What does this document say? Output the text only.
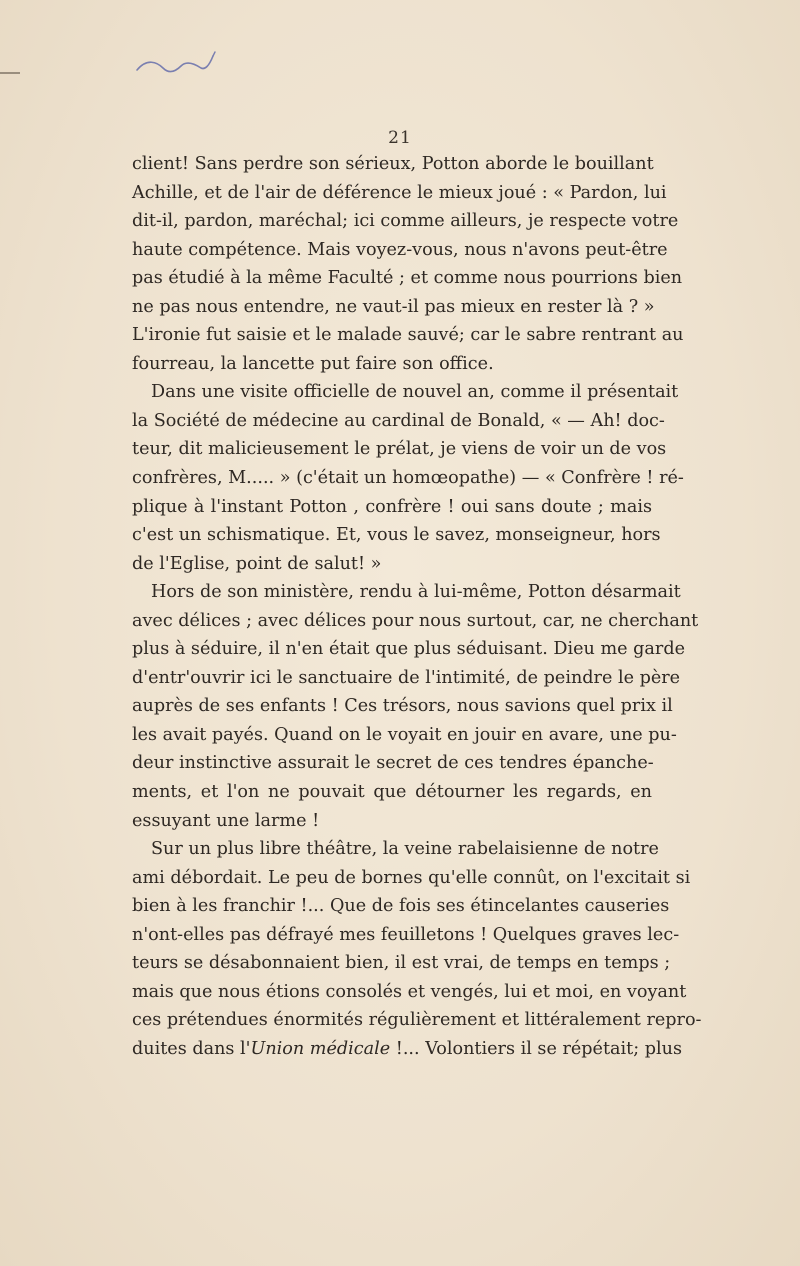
21
client! Sans perdre son sérieux, Potton aborde le bouillant
Achille, et de l'air de déférence le mieux joué : « Pardon, lui
dit-il, pardon, maréchal; ici comme ailleurs, je respecte votre
haute compétence. Mais voyez-vous, nous n'avons peut-être
pas étudié à la même Faculté ; et comme nous pourrions bien
ne pas nous entendre, ne vaut-il pas mieux en rester là ? »
L'ironie fut saisie et le malade sauvé; car le sabre rentrant au
fourreau, la lancette put faire son office.
Dans une visite officielle de nouvel an, comme il présentait
la Société de médecine au cardinal de Bonald, « — Ah! doc-
teur, dit malicieusement le prélat, je viens de voir un de vos
confrères, M..... » (c'était un homœopathe) — « Confrère ! ré-
plique à l'instant Potton , confrère ! oui sans doute ; mais
c'est un schismatique. Et, vous le savez, monseigneur, hors
de l'Eglise, point de salut! »
Hors de son ministère, rendu à lui-même, Potton désarmait
avec délices ; avec délices pour nous surtout, car, ne cherchant
plus à séduire, il n'en était que plus séduisant. Dieu me garde
d'entr'ouvrir ici le sanctuaire de l'intimité, de peindre le père
auprès de ses enfants ! Ces trésors, nous savions quel prix il
les avait payés. Quand on le voyait en jouir en avare, une pu-
deur instinctive assurait le secret de ces tendres épanche-
ments, et l'on ne pouvait que détourner les regards, en
essuyant une larme !
Sur un plus libre théâtre, la veine rabelaisienne de notre
ami débordait. Le peu de bornes qu'elle connût, on l'excitait si
bien à les franchir !... Que de fois ses étincelantes causeries
n'ont-elles pas défrayé mes feuilletons ! Quelques graves lec-
teurs se désabonnaient bien, il est vrai, de temps en temps ;
mais que nous étions consolés et vengés, lui et moi, en voyant
ces prétendues énormités régulièrement et littéralement repro-
duites dans l'Union médicale !... Volontiers il se répétait; plus
